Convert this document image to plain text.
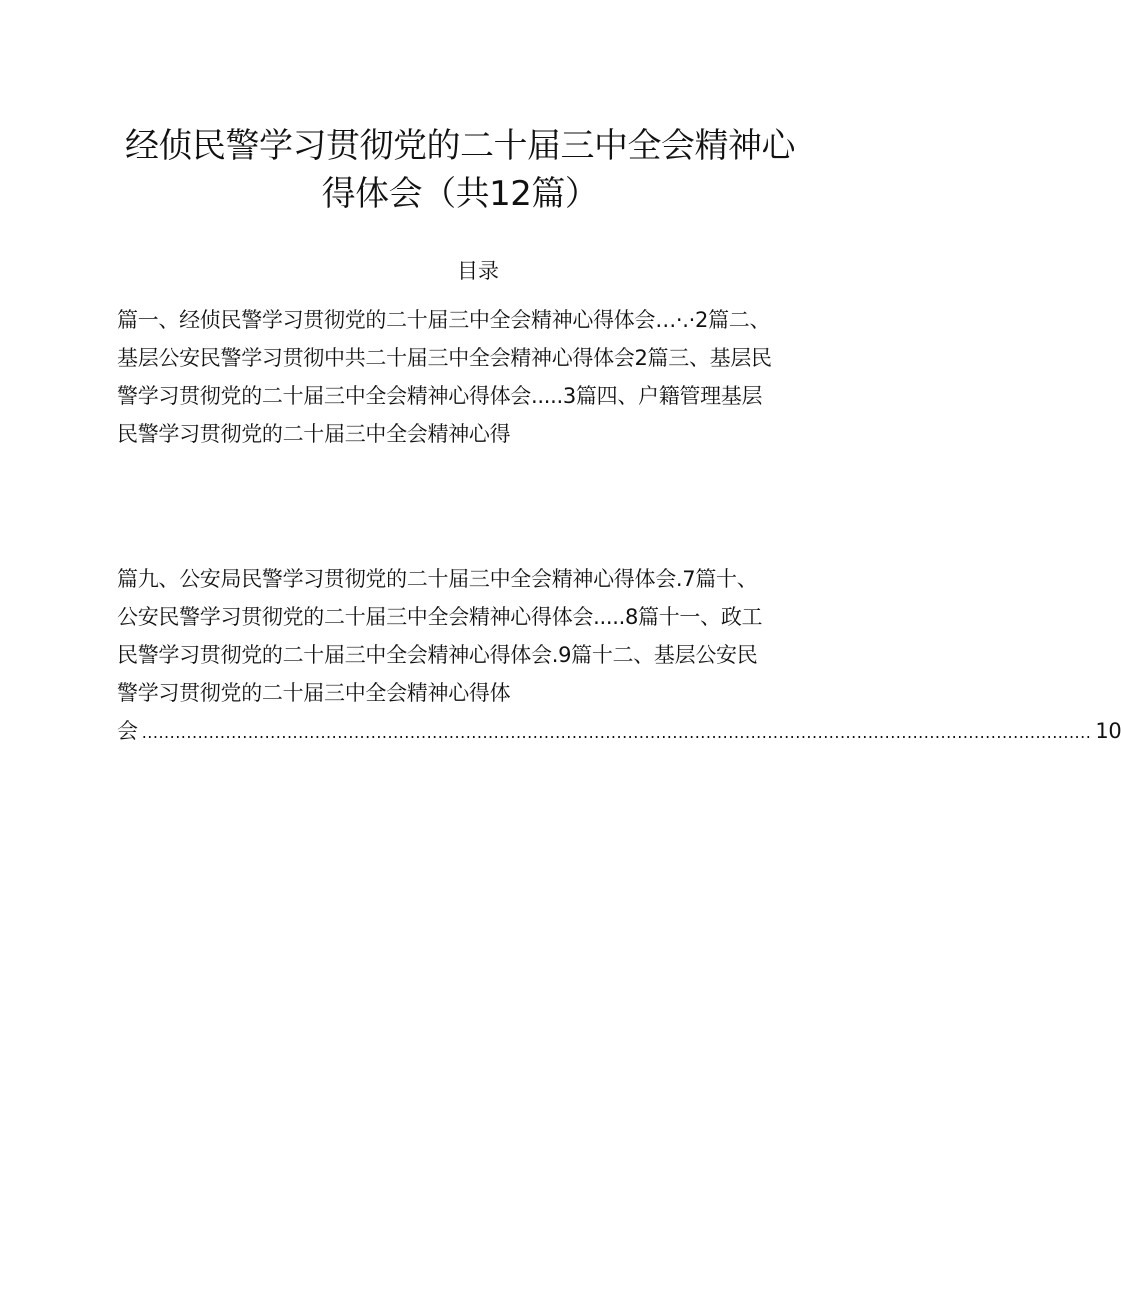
经侦民警学习贯彻党的二十届三中全会精神心
得体会（共12篇）
目录
篇一、经侦民警学习贯彻党的二十届三中全会精神心得体会…·.·2篇二、
基层公安民警学习贯彻中共二十届三中全会精神心得体会2篇三、基层民
警学习贯彻党的二十届三中全会精神心得体会.....3篇四、户籍管理基层
民警学习贯彻党的二十届三中全会精神心得
篇九、公安局民警学习贯彻党的二十届三中全会精神心得体会.7篇十、
公安民警学习贯彻党的二十届三中全会精神心得体会.....8篇十一、政工
民警学习贯彻党的二十届三中全会精神心得体会.9篇十二、基层公安民
警学习贯彻党的二十届三中全会精神心得体
会 .......................................................................................................................................................................... 10
